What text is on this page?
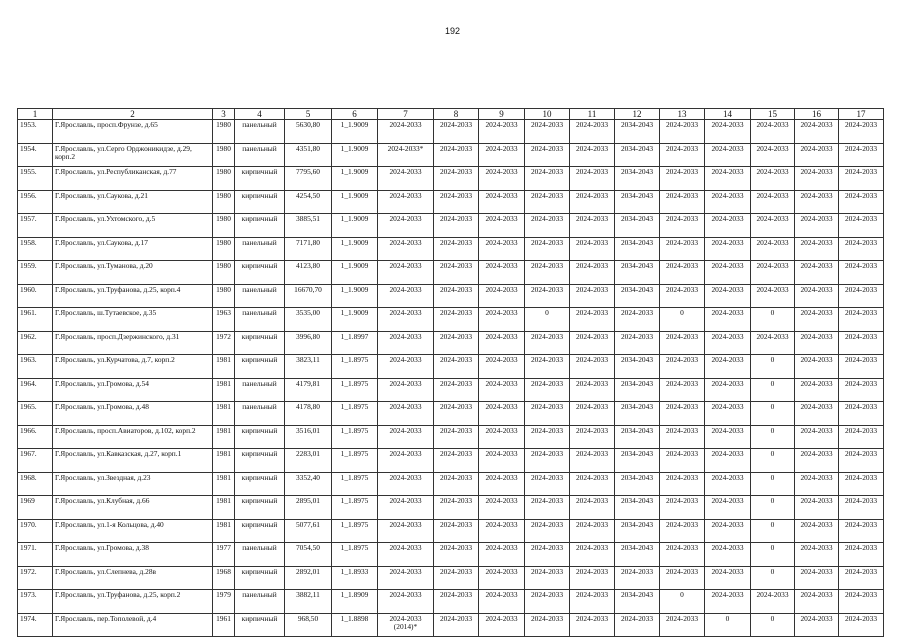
192
1	2	3	4	5	6	7	8	9	10	11	12	13	14	15	16	17
1953.	Г.Ярославль, просп.Фрунзе, д.65	1980	панельный	5630,80	1_1.9009	2024-2033	2024-2033	2024-2033	2024-2033	2024-2033	2034-2043	2024-2033	2024-2033	2024-2033	2024-2033	2024-2033
1954.	Г.Ярославль, ул.Серго Орджоникидзе, д.29, корп.2	1980	панельный	4351,80	1_1.9009	2024-2033*	2024-2033	2024-2033	2024-2033	2024-2033	2034-2043	2024-2033	2024-2033	2024-2033	2024-2033	2024-2033
1955.	Г.Ярославль, ул.Республиканская, д.77	1980	кирпичный	7795,60	1_1.9009	2024-2033	2024-2033	2024-2033	2024-2033	2024-2033	2034-2043	2024-2033	2024-2033	2024-2033	2024-2033	2024-2033
1956.	Г.Ярославль, ул.Саукова, д.21	1980	кирпичный	4254,50	1_1.9009	2024-2033	2024-2033	2024-2033	2024-2033	2024-2033	2034-2043	2024-2033	2024-2033	2024-2033	2024-2033	2024-2033
1957.	Г.Ярославль, ул.Ухтомского, д.5	1980	кирпичный	3885,51	1_1.9009	2024-2033	2024-2033	2024-2033	2024-2033	2024-2033	2034-2043	2024-2033	2024-2033	2024-2033	2024-2033	2024-2033
1958.	Г.Ярославль, ул.Саукова, д.17	1980	панельный	7171,80	1_1.9009	2024-2033	2024-2033	2024-2033	2024-2033	2024-2033	2034-2043	2024-2033	2024-2033	2024-2033	2024-2033	2024-2033
1959.	Г.Ярославль, ул.Туманова, д.20	1980	кирпичный	4123,80	1_1.9009	2024-2033	2024-2033	2024-2033	2024-2033	2024-2033	2034-2043	2024-2033	2024-2033	2024-2033	2024-2033	2024-2033
1960.	Г.Ярославль, ул.Труфанова, д.25, корп.4	1980	панельный	16670,70	1_1.9009	2024-2033	2024-2033	2024-2033	2024-2033	2024-2033	2034-2043	2024-2033	2024-2033	2024-2033	2024-2033	2024-2033
1961.	Г.Ярославль, ш.Тутаевское, д.35	1963	панельный	3535,00	1_1.9009	2024-2033	2024-2033	2024-2033	0	2024-2033	2024-2033	0	2024-2033	0	2024-2033	2024-2033
1962.	Г.Ярославль, просп.Дзержинского, д.31	1972	кирпичный	3996,80	1_1.8997	2024-2033	2024-2033	2024-2033	2024-2033	2024-2033	2024-2033	2024-2033	2024-2033	2024-2033	2024-2033	2024-2033
1963.	Г.Ярославль, ул.Курчатова, д.7, корп.2	1981	кирпичный	3823,11	1_1.8975	2024-2033	2024-2033	2024-2033	2024-2033	2024-2033	2034-2043	2024-2033	2024-2033	0	2024-2033	2024-2033
1964.	Г.Ярославль, ул.Громова, д.54	1981	панельный	4179,81	1_1.8975	2024-2033	2024-2033	2024-2033	2024-2033	2024-2033	2034-2043	2024-2033	2024-2033	0	2024-2033	2024-2033
1965.	Г.Ярославль, ул.Громова, д.48	1981	панельный	4178,80	1_1.8975	2024-2033	2024-2033	2024-2033	2024-2033	2024-2033	2034-2043	2024-2033	2024-2033	0	2024-2033	2024-2033
1966.	Г.Ярославль, просп.Авиаторов, д.102, корп.2	1981	кирпичный	3516,01	1_1.8975	2024-2033	2024-2033	2024-2033	2024-2033	2024-2033	2034-2043	2024-2033	2024-2033	0	2024-2033	2024-2033
1967.	Г.Ярославль, ул.Кавказская, д.27, корп.1	1981	кирпичный	2283,01	1_1.8975	2024-2033	2024-2033	2024-2033	2024-2033	2024-2033	2034-2043	2024-2033	2024-2033	0	2024-2033	2024-2033
1968.	Г.Ярославль, ул.Звездная, д.23	1981	кирпичный	3352,40	1_1.8975	2024-2033	2024-2033	2024-2033	2024-2033	2024-2033	2034-2043	2024-2033	2024-2033	0	2024-2033	2024-2033
1969	Г.Ярославль, ул.Клубная, д.66	1981	кирпичный	2895,01	1_1.8975	2024-2033	2024-2033	2024-2033	2024-2033	2024-2033	2034-2043	2024-2033	2024-2033	0	2024-2033	2024-2033
1970.	Г.Ярославль, ул.1-я Кольцова, д.40	1981	кирпичный	5077,61	1_1.8975	2024-2033	2024-2033	2024-2033	2024-2033	2024-2033	2034-2043	2024-2033	2024-2033	0	2024-2033	2024-2033
1971.	Г.Ярославль, ул.Громова, д.38	1977	панельный	7054,50	1_1.8975	2024-2033	2024-2033	2024-2033	2024-2033	2024-2033	2034-2043	2024-2033	2024-2033	0	2024-2033	2024-2033
1972.	Г.Ярославль, ул.Слепнева, д.28в	1968	кирпичный	2892,01	1_1.8933	2024-2033	2024-2033	2024-2033	2024-2033	2024-2033	2024-2033	2024-2033	2024-2033	0	2024-2033	2024-2033
1973.	Г.Ярославль, ул.Труфанова, д.25, корп.2	1979	панельный	3882,11	1_1.8909	2024-2033	2024-2033	2024-2033	2024-2033	2024-2033	2034-2043	0	2024-2033	2024-2033	2024-2033	2024-2033
1974.	Г.Ярославль, пер.Тополевой, д.4	1961	кирпичный	968,50	1_1.8898	2024-2033 (2014)*	2024-2033	2024-2033	2024-2033	2024-2033	2024-2033	2024-2033	0	0	2024-2033	2024-2033
